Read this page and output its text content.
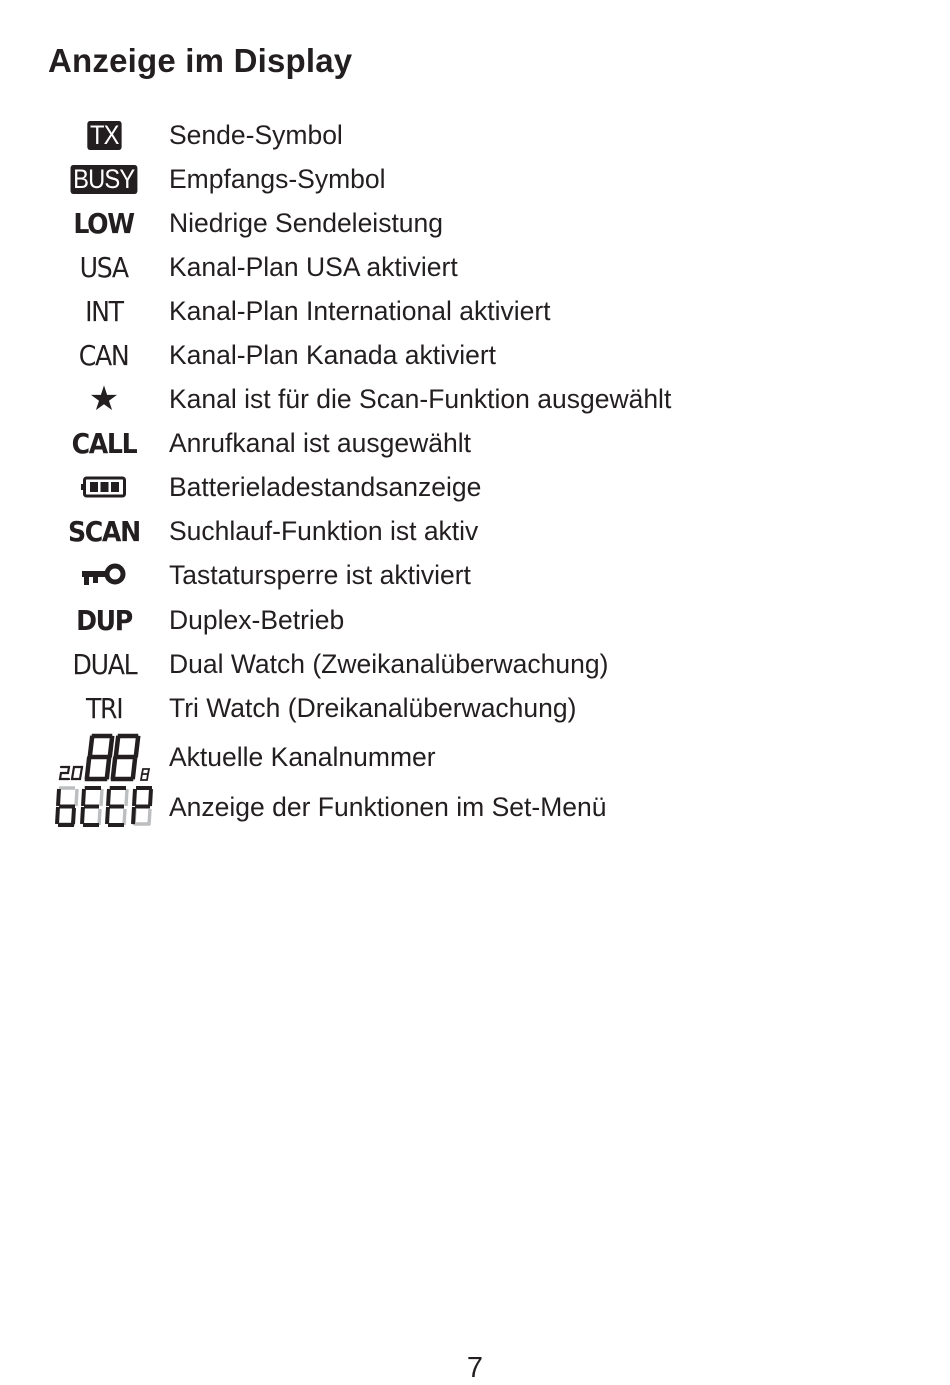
Anzeige im Display
TX Sende-Symbol
BUSY Empfangs-Symbol
LOW Niedrige Sendeleistung
USA Kanal-Plan USA aktiviert
INT Kanal-Plan International aktiviert
CAN Kanal-Plan Kanada aktiviert
★ Kanal ist für die Scan-Funktion ausgewählt
CALL Anrufkanal ist ausgewählt
Batterieladestandsanzeige
SCAN Suchlauf-Funktion ist aktiv
Tastatursperre ist aktiviert
DUP Duplex-Betrieb
DUAL Dual Watch (Zweikanalüberwachung)
TRI Tri Watch (Dreikanalüberwachung)
Aktuelle Kanalnummer
Anzeige der Funktionen im Set-Menü
7
